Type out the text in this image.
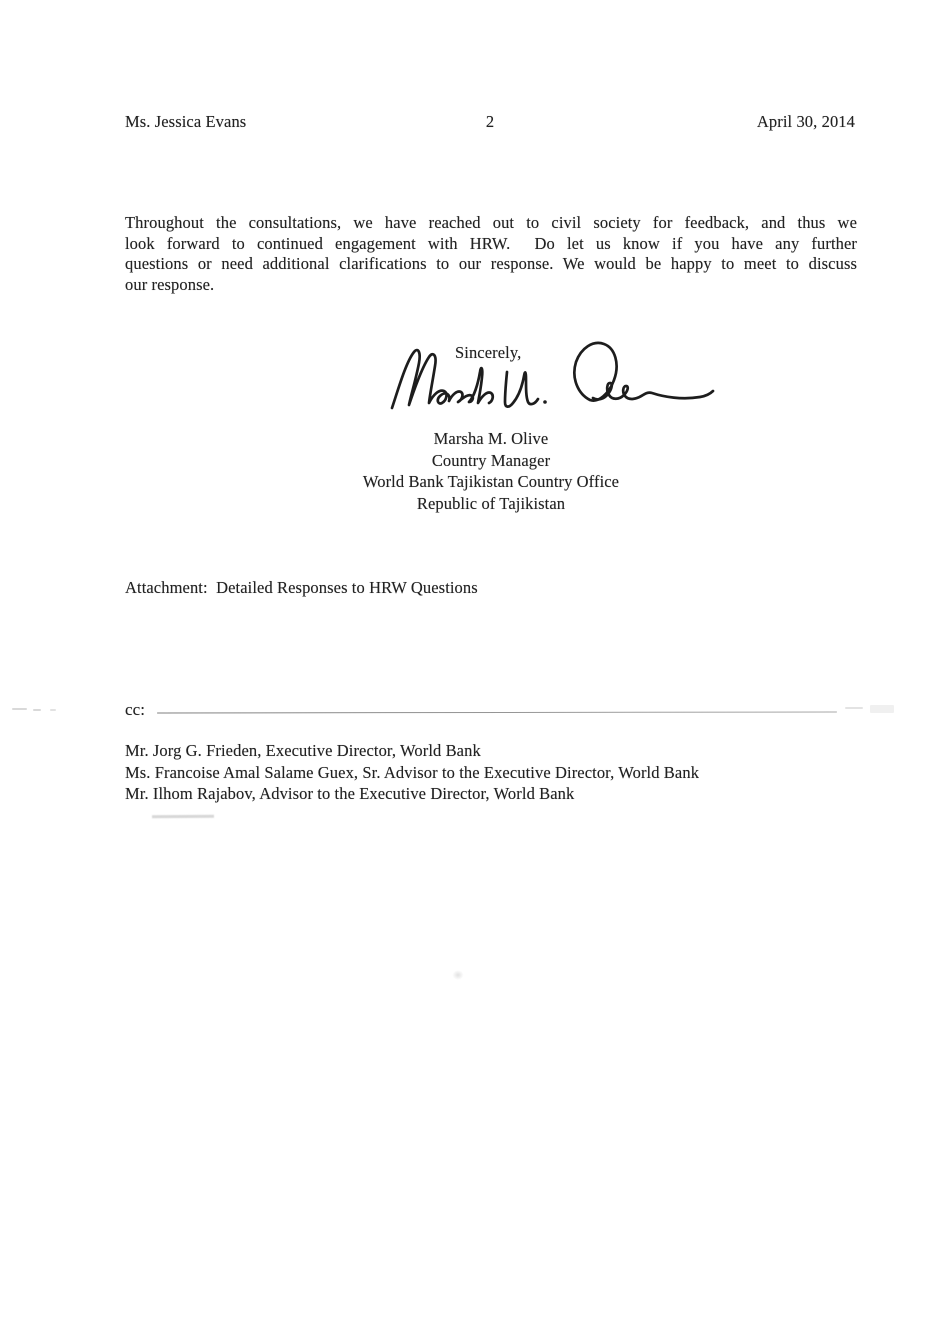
Ms. Jessica Evans	2	April 30, 2014
Throughout the consultations, we have reached out to civil society for feedback, and thus we
look forward to continued engagement with HRW.  Do let us know if you have any further
questions or need additional clarifications to our response. We would be happy to meet to discuss
our response.
Sincerely,
Marsha M. Olive
Country Manager
World Bank Tajikistan Country Office
Republic of Tajikistan
Attachment:  Detailed Responses to HRW Questions
cc:
Mr. Jorg G. Frieden, Executive Director, World Bank
Ms. Francoise Amal Salame Guex, Sr. Advisor to the Executive Director, World Bank
Mr. Ilhom Rajabov, Advisor to the Executive Director, World Bank
